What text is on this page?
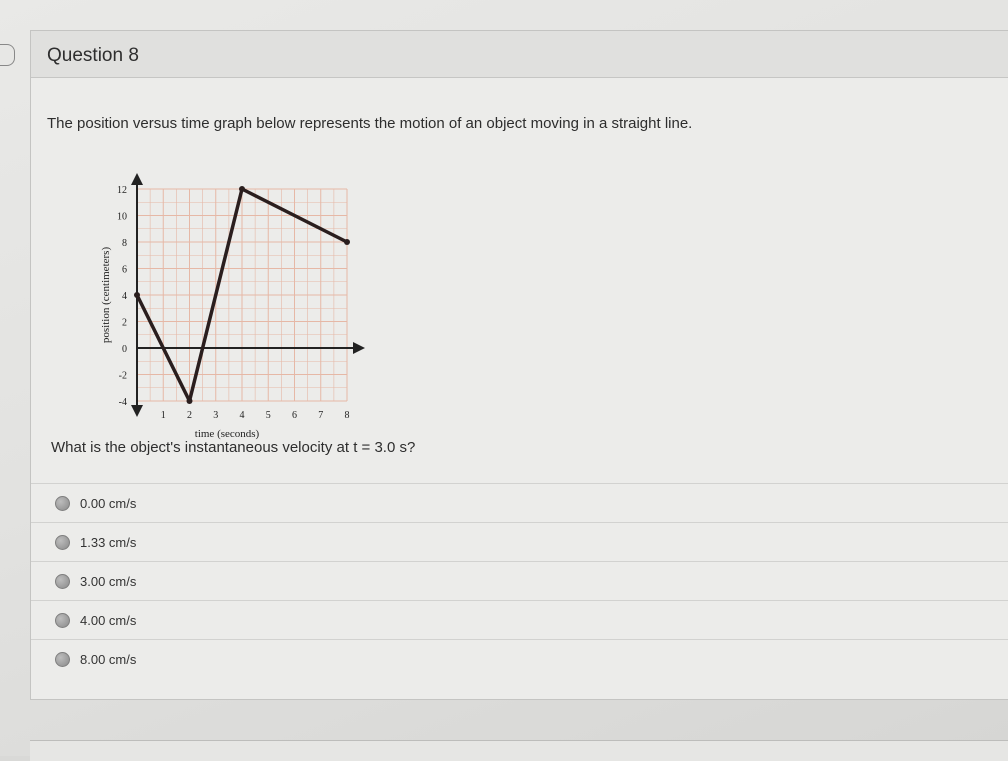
Question 8
The position versus time graph below represents the motion of an object moving in a straight line.
12
10
8
6
4
2
0
-2
-4
1 2 3 4 5 6 7 8
time (seconds)
position (centimeters)
What is the object's instantaneous velocity at t = 3.0 s?
0.00 cm/s
1.33 cm/s
3.00 cm/s
4.00 cm/s
8.00 cm/s
